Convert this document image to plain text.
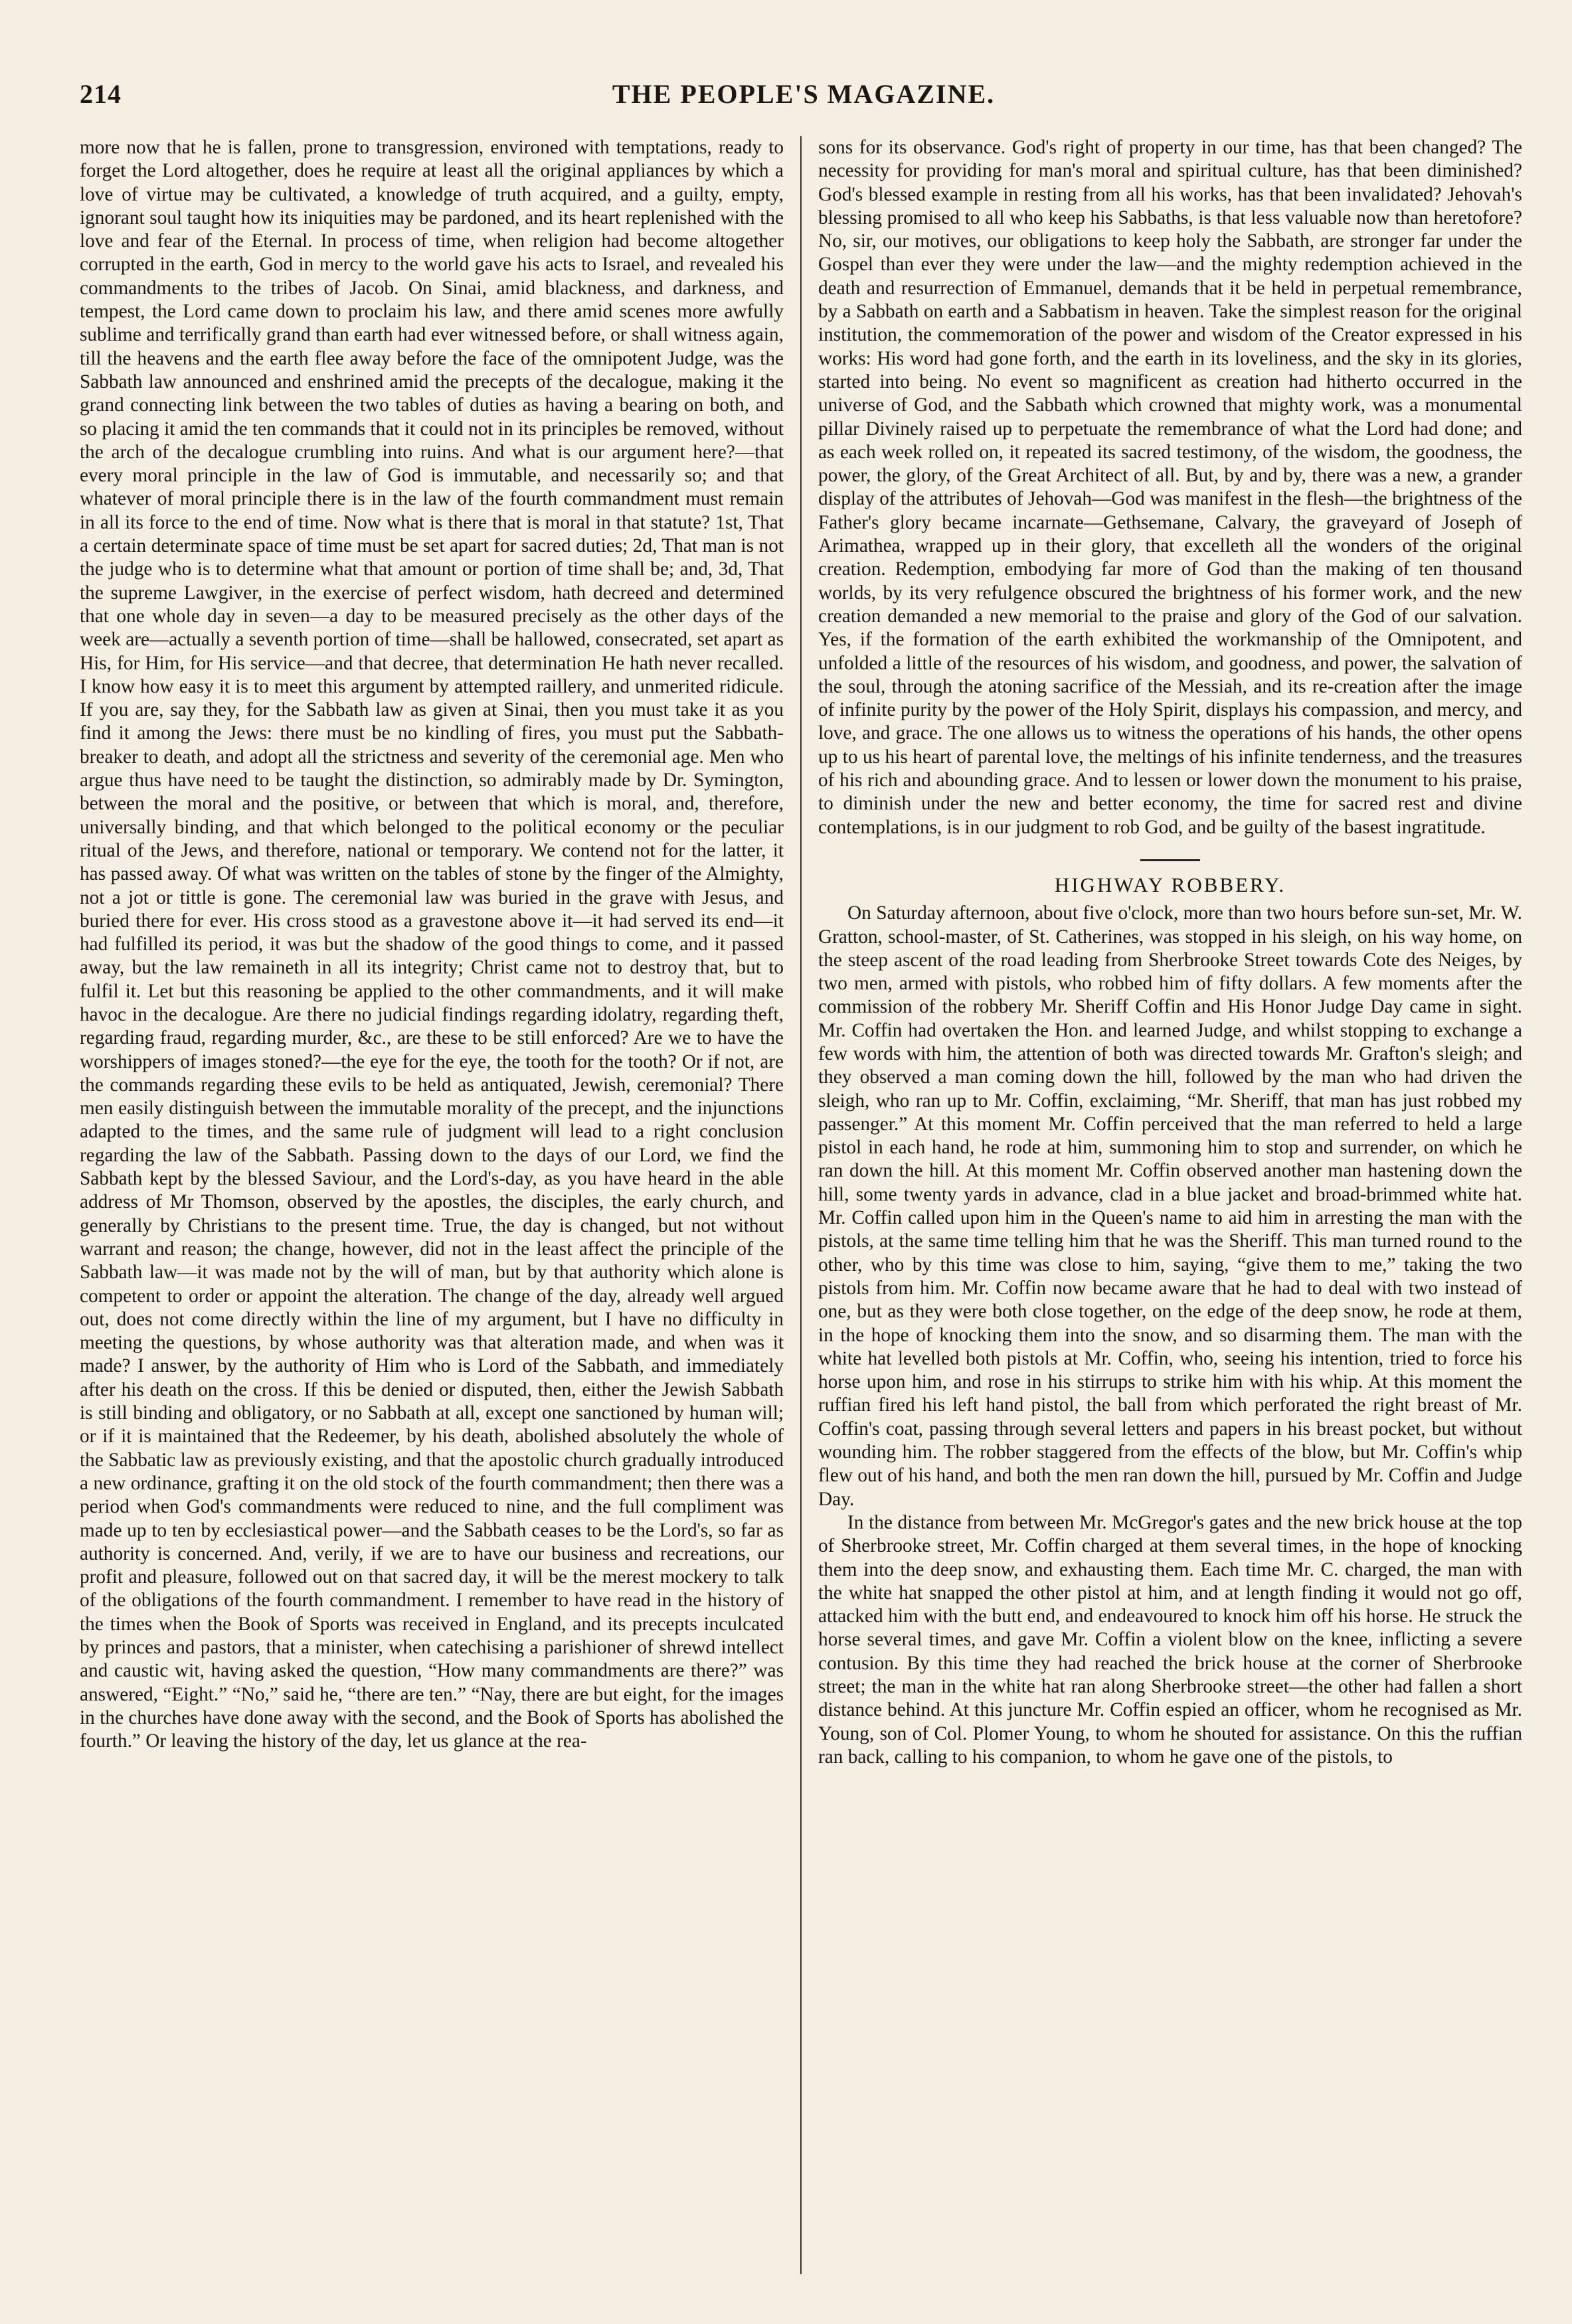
214	THE PEOPLE'S MAGAZINE.

more now that he is fallen, prone to transgression, environed with temptations, ready to forget the Lord altogether, does he require at least all the original appliances by which a love of virtue may be cultivated, a knowledge of truth acquired, and a guilty, empty, ignorant soul taught how its iniquities may be pardoned, and its heart replenished with the love and fear of the Eternal. In process of time, when religion had become altogether corrupted in the earth, God in mercy to the world gave his acts to Israel, and revealed his commandments to the tribes of Jacob. On Sinai, amid blackness, and darkness, and tempest, the Lord came down to proclaim his law, and there amid scenes more awfully sublime and terrifically grand than earth had ever witnessed before, or shall witness again, till the heavens and the earth flee away before the face of the omnipotent Judge, was the Sabbath law announced and enshrined amid the precepts of the decalogue, making it the grand connecting link between the two tables of duties as having a bearing on both, and so placing it amid the ten commands that it could not in its principles be removed, without the arch of the decalogue crumbling into ruins. And what is our argument here?—that every moral principle in the law of God is immutable, and necessarily so; and that whatever of moral principle there is in the law of the fourth commandment must remain in all its force to the end of time. Now what is there that is moral in that statute? 1st, That a certain determinate space of time must be set apart for sacred duties; 2d, That man is not the judge who is to determine what that amount or portion of time shall be; and, 3d, That the supreme Lawgiver, in the exercise of perfect wisdom, hath decreed and determined that one whole day in seven—a day to be measured precisely as the other days of the week are—actually a seventh portion of time—shall be hallowed, consecrated, set apart as His, for Him, for His service—and that decree, that determination He hath never recalled. I know how easy it is to meet this argument by attempted raillery, and unmerited ridicule. If you are, say they, for the Sabbath law as given at Sinai, then you must take it as you find it among the Jews: there must be no kindling of fires, you must put the Sabbath-breaker to death, and adopt all the strictness and severity of the ceremonial age. Men who argue thus have need to be taught the distinction, so admirably made by Dr. Symington, between the moral and the positive, or between that which is moral, and, therefore, universally binding, and that which belonged to the political economy or the peculiar ritual of the Jews, and therefore, national or temporary. We contend not for the latter, it has passed away. Of what was written on the tables of stone by the finger of the Almighty, not a jot or tittle is gone. The ceremonial law was buried in the grave with Jesus, and buried there for ever. His cross stood as a gravestone above it—it had served its end—it had fulfilled its period, it was but the shadow of the good things to come, and it passed away, but the law remaineth in all its integrity; Christ came not to destroy that, but to fulfil it. Let but this reasoning be applied to the other commandments, and it will make havoc in the decalogue. Are there no judicial findings regarding idolatry, regarding theft, regarding fraud, regarding murder, &c., are these to be still enforced? Are we to have the worshippers of images stoned?—the eye for the eye, the tooth for the tooth? Or if not, are the commands regarding these evils to be held as antiquated, Jewish, ceremonial? There men easily distinguish between the immutable morality of the precept, and the injunctions adapted to the times, and the same rule of judgment will lead to a right conclusion regarding the law of the Sabbath. Passing down to the days of our Lord, we find the Sabbath kept by the blessed Saviour, and the Lord's-day, as you have heard in the able address of Mr Thomson, observed by the apostles, the disciples, the early church, and generally by Christians to the present time. True, the day is changed, but not without warrant and reason; the change, however, did not in the least affect the principle of the Sabbath law—it was made not by the will of man, but by that authority which alone is competent to order or appoint the alteration. The change of the day, already well argued out, does not come directly within the line of my argument, but I have no difficulty in meeting the questions, by whose authority was that alteration made, and when was it made? I answer, by the authority of Him who is Lord of the Sabbath, and immediately after his death on the cross. If this be denied or disputed, then, either the Jewish Sabbath is still binding and obligatory, or no Sabbath at all, except one sanctioned by human will; or if it is maintained that the Redeemer, by his death, abolished absolutely the whole of the Sabbatic law as previously existing, and that the apostolic church gradually introduced a new ordinance, grafting it on the old stock of the fourth commandment; then there was a period when God's commandments were reduced to nine, and the full compliment was made up to ten by ecclesiastical power—and the Sabbath ceases to be the Lord's, so far as authority is concerned. And, verily, if we are to have our business and recreations, our profit and pleasure, followed out on that sacred day, it will be the merest mockery to talk of the obligations of the fourth commandment. I remember to have read in the history of the times when the Book of Sports was received in England, and its precepts inculcated by princes and pastors, that a minister, when catechising a parishioner of shrewd intellect and caustic wit, having asked the question, “How many commandments are there?” was answered, “Eight.” “No,” said he, “there are ten.” “Nay, there are but eight, for the images in the churches have done away with the second, and the Book of Sports has abolished the fourth.” Or leaving the history of the day, let us glance at the rea-

sons for its observance. God's right of property in our time, has that been changed? The necessity for providing for man's moral and spiritual culture, has that been diminished? God's blessed example in resting from all his works, has that been invalidated? Jehovah's blessing promised to all who keep his Sabbaths, is that less valuable now than heretofore? No, sir, our motives, our obligations to keep holy the Sabbath, are stronger far under the Gospel than ever they were under the law—and the mighty redemption achieved in the death and resurrection of Emmanuel, demands that it be held in perpetual remembrance, by a Sabbath on earth and a Sabbatism in heaven. Take the simplest reason for the original institution, the commemoration of the power and wisdom of the Creator expressed in his works: His word had gone forth, and the earth in its loveliness, and the sky in its glories, started into being. No event so magnificent as creation had hitherto occurred in the universe of God, and the Sabbath which crowned that mighty work, was a monumental pillar Divinely raised up to perpetuate the remembrance of what the Lord had done; and as each week rolled on, it repeated its sacred testimony, of the wisdom, the goodness, the power, the glory, of the Great Architect of all. But, by and by, there was a new, a grander display of the attributes of Jehovah—God was manifest in the flesh—the brightness of the Father's glory became incarnate—Gethsemane, Calvary, the graveyard of Joseph of Arimathea, wrapped up in their glory, that excelleth all the wonders of the original creation. Redemption, embodying far more of God than the making of ten thousand worlds, by its very refulgence obscured the brightness of his former work, and the new creation demanded a new memorial to the praise and glory of the God of our salvation. Yes, if the formation of the earth exhibited the workmanship of the Omnipotent, and unfolded a little of the resources of his wisdom, and goodness, and power, the salvation of the soul, through the atoning sacrifice of the Messiah, and its re-creation after the image of infinite purity by the power of the Holy Spirit, displays his compassion, and mercy, and love, and grace. The one allows us to witness the operations of his hands, the other opens up to us his heart of parental love, the meltings of his infinite tenderness, and the treasures of his rich and abounding grace. And to lessen or lower down the monument to his praise, to diminish under the new and better economy, the time for sacred rest and divine contemplations, is in our judgment to rob God, and be guilty of the basest ingratitude.

HIGHWAY ROBBERY.

On Saturday afternoon, about five o'clock, more than two hours before sun-set, Mr. W. Gratton, school-master, of St. Catherines, was stopped in his sleigh, on his way home, on the steep ascent of the road leading from Sherbrooke Street towards Cote des Neiges, by two men, armed with pistols, who robbed him of fifty dollars. A few moments after the commission of the robbery Mr. Sheriff Coffin and His Honor Judge Day came in sight. Mr. Coffin had overtaken the Hon. and learned Judge, and whilst stopping to exchange a few words with him, the attention of both was directed towards Mr. Grafton's sleigh; and they observed a man coming down the hill, followed by the man who had driven the sleigh, who ran up to Mr. Coffin, exclaiming, “Mr. Sheriff, that man has just robbed my passenger.” At this moment Mr. Coffin perceived that the man referred to held a large pistol in each hand, he rode at him, summoning him to stop and surrender, on which he ran down the hill. At this moment Mr. Coffin observed another man hastening down the hill, some twenty yards in advance, clad in a blue jacket and broad-brimmed white hat. Mr. Coffin called upon him in the Queen's name to aid him in arresting the man with the pistols, at the same time telling him that he was the Sheriff. This man turned round to the other, who by this time was close to him, saying, “give them to me,” taking the two pistols from him. Mr. Coffin now became aware that he had to deal with two instead of one, but as they were both close together, on the edge of the deep snow, he rode at them, in the hope of knocking them into the snow, and so disarming them. The man with the white hat levelled both pistols at Mr. Coffin, who, seeing his intention, tried to force his horse upon him, and rose in his stirrups to strike him with his whip. At this moment the ruffian fired his left hand pistol, the ball from which perforated the right breast of Mr. Coffin's coat, passing through several letters and papers in his breast pocket, but without wounding him. The robber staggered from the effects of the blow, but Mr. Coffin's whip flew out of his hand, and both the men ran down the hill, pursued by Mr. Coffin and Judge Day.

In the distance from between Mr. McGregor's gates and the new brick house at the top of Sherbrooke street, Mr. Coffin charged at them several times, in the hope of knocking them into the deep snow, and exhausting them. Each time Mr. C. charged, the man with the white hat snapped the other pistol at him, and at length finding it would not go off, attacked him with the butt end, and endeavoured to knock him off his horse. He struck the horse several times, and gave Mr. Coffin a violent blow on the knee, inflicting a severe contusion. By this time they had reached the brick house at the corner of Sherbrooke street; the man in the white hat ran along Sherbrooke street—the other had fallen a short distance behind. At this juncture Mr. Coffin espied an officer, whom he recognised as Mr. Young, son of Col. Plomer Young, to whom he shouted for assistance. On this the ruffian ran back, calling to his companion, to whom he gave one of the pistols, to
